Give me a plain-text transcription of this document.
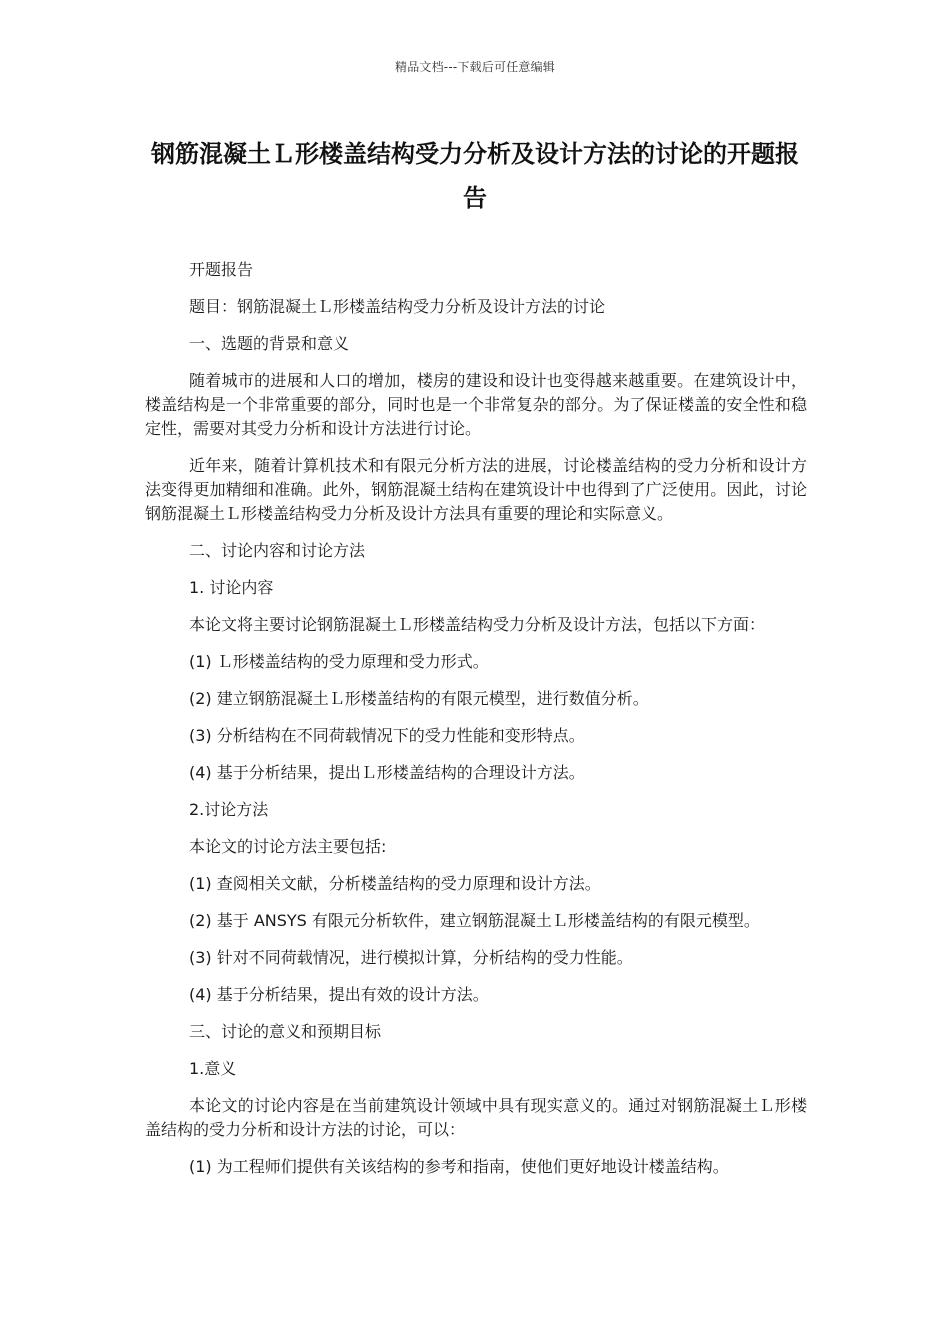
精品文档---下载后可任意编辑
钢筋混凝土Ｌ形楼盖结构受力分析及设计方法的讨论的开题报告

开题报告

题目：钢筋混凝土Ｌ形楼盖结构受力分析及设计方法的讨论

一、选题的背景和意义

随着城市的进展和人口的增加，楼房的建设和设计也变得越来越重要。在建筑设计中，楼盖结构是一个非常重要的部分，同时也是一个非常复杂的部分。为了保证楼盖的安全性和稳定性，需要对其受力分析和设计方法进行讨论。

近年来，随着计算机技术和有限元分析方法的进展，讨论楼盖结构的受力分析和设计方法变得更加精细和准确。此外，钢筋混凝土结构在建筑设计中也得到了广泛使用。因此，讨论钢筋混凝土Ｌ形楼盖结构受力分析及设计方法具有重要的理论和实际意义。

二、讨论内容和讨论方法

1. 讨论内容

本论文将主要讨论钢筋混凝土Ｌ形楼盖结构受力分析及设计方法，包括以下方面：

(1) Ｌ形楼盖结构的受力原理和受力形式。

(2) 建立钢筋混凝土Ｌ形楼盖结构的有限元模型，进行数值分析。

(3) 分析结构在不同荷载情况下的受力性能和变形特点。

(4) 基于分析结果，提出Ｌ形楼盖结构的合理设计方法。

2.讨论方法

本论文的讨论方法主要包括:

(1) 查阅相关文献，分析楼盖结构的受力原理和设计方法。

(2) 基于 ANSYS 有限元分析软件，建立钢筋混凝土Ｌ形楼盖结构的有限元模型。

(3) 针对不同荷载情况，进行模拟计算，分析结构的受力性能。

(4) 基于分析结果，提出有效的设计方法。

三、讨论的意义和预期目标

1.意义

本论文的讨论内容是在当前建筑设计领域中具有现实意义的。通过对钢筋混凝土Ｌ形楼盖结构的受力分析和设计方法的讨论，可以：

(1) 为工程师们提供有关该结构的参考和指南，使他们更好地设计楼盖结构。
